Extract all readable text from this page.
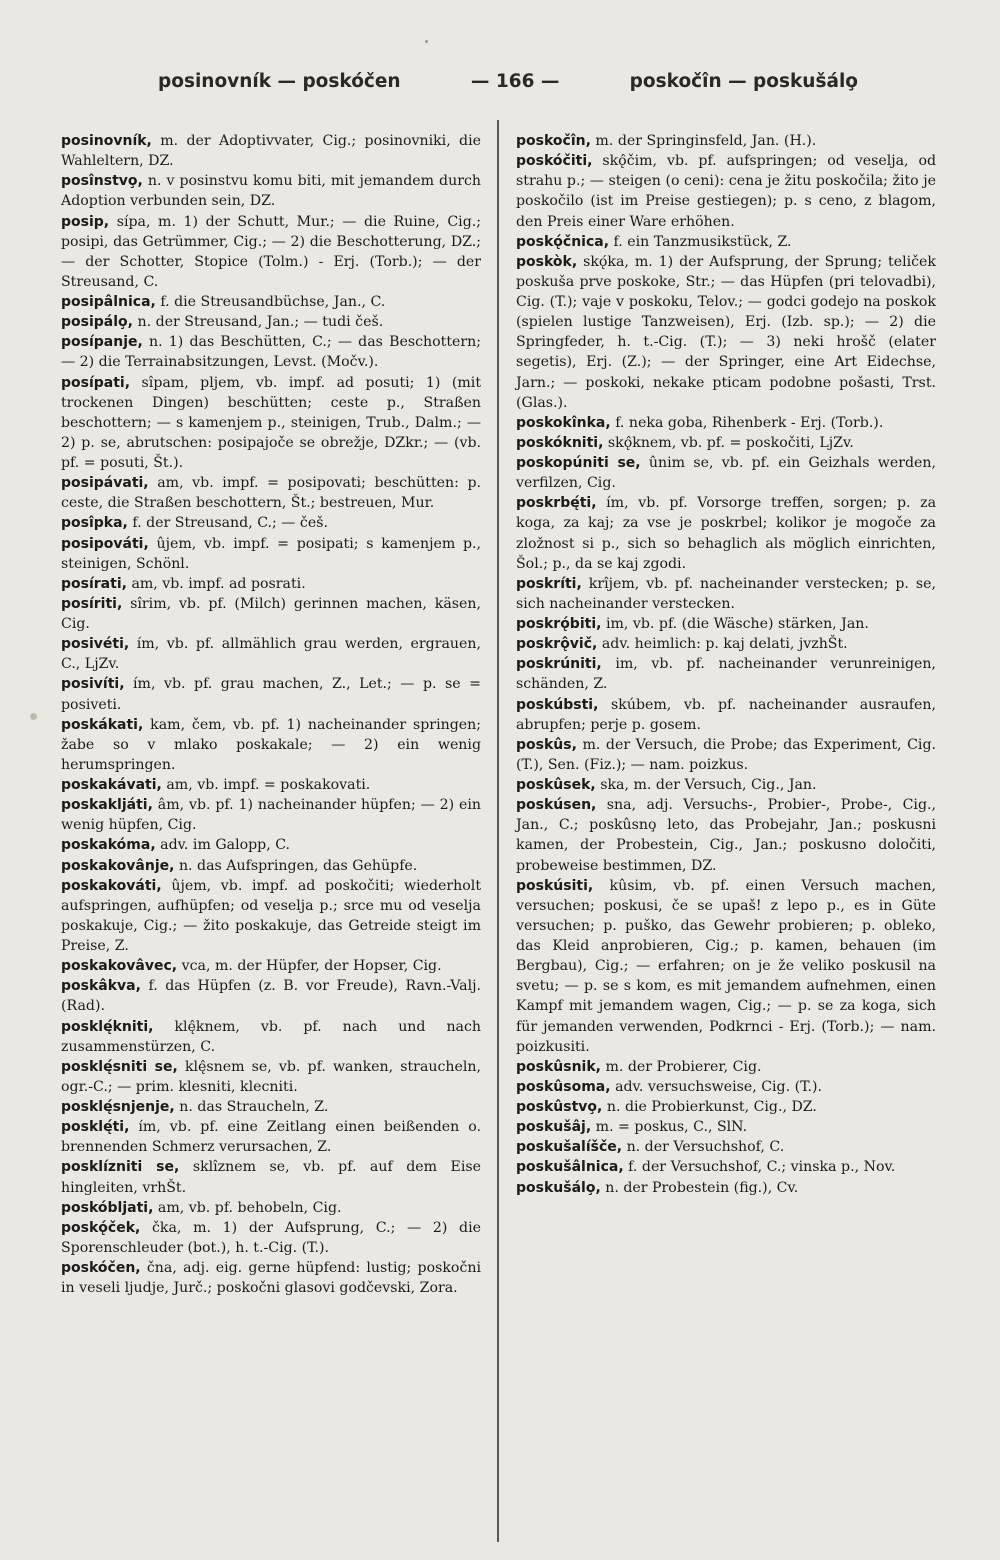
posinovník — poskóčen	— 166 —	poskočîn — poskušálo̧

posinovník, m. der Adoptivvater, Cig.; posinovniki, die Wahleltern, DZ.

posînstvo̧, n. v posinstvu komu biti, mit jemandem durch Adoption verbunden sein, DZ.

posip, sípa, m. 1) der Schutt, Mur.; — die Ruine, Cig.; posipi, das Getrümmer, Cig.; — 2) die Beschotterung, DZ.; — der Schotter, Stopice (Tolm.) - Erj. (Torb.); — der Streusand, C.

posipâlnica, f. die Streusandbüchse, Jan., C.

posipálo̧, n. der Streusand, Jan.; — tudi češ.

posípanje, n. 1) das Beschütten, C.; — das Beschottern; — 2) die Terrainabsitzungen, Levst. (Močv.).

posípati, sîpam, pljem, vb. impf. ad posuti; 1) (mit trockenen Dingen) beschütten; ceste p., Straßen beschottern; — s kamenjem p., steinigen, Trub., Dalm.; — 2) p. se, abrutschen: posipajoče se obrežje, DZkr.; — (vb. pf. = posuti, Št.).

posipávati, am, vb. impf. = posipovati; beschütten: p. ceste, die Straßen beschottern, Št.; bestreuen, Mur.

posîpka, f. der Streusand, C.; — češ.

posipováti, ûjem, vb. impf. = posipati; s kamenjem p., steinigen, Schönl.

posírati, am, vb. impf. ad posrati.

posíriti, sîrim, vb. pf. (Milch) gerinnen machen, käsen, Cig.

posivéti, ím, vb. pf. allmählich grau werden, ergrauen, C., LjZv.

posivíti, ím, vb. pf. grau machen, Z., Let.; — p. se = posiveti.

poskákati, kam, čem, vb. pf. 1) nacheinander springen; žabe so v mlako poskakale; — 2) ein wenig herumspringen.

poskakávati, am, vb. impf. = poskakovati.

poskakljáti, âm, vb. pf. 1) nacheinander hüpfen; — 2) ein wenig hüpfen, Cig.

poskakóma, adv. im Galopp, C.

poskakovânje, n. das Aufspringen, das Gehüpfe.

poskakováti, ûjem, vb. impf. ad poskočiti; wiederholt aufspringen, aufhüpfen; od veselja p.; srce mu od veselja poskakuje, Cig.; — žito poskakuje, das Getreide steigt im Preise, Z.

poskakovâvec, vca, m. der Hüpfer, der Hopser, Cig.

poskâkva, f. das Hüpfen (z. B. vor Freude), Ravn.-Valj. (Rad).

posklę́kniti, klę̂knem, vb. pf. nach und nach zusammenstürzen, C.

posklę́sniti se, klę̂snem se, vb. pf. wanken, straucheln, ogr.-C.; — prim. klesniti, klecniti.

posklę́snjenje, n. das Straucheln, Z.

posklę́ti, ím, vb. pf. eine Zeitlang einen beißenden o. brennenden Schmerz verursachen, Z.

posklízniti se, sklîznem se, vb. pf. auf dem Eise hingleiten, vrhŠt.

poskóbljati, am, vb. pf. behobeln, Cig.

poskǫ́ček, čka, m. 1) der Aufsprung, C.; — 2) die Sporenschleuder (bot.), h. t.-Cig. (T.).

poskóčen, čna, adj. eig. gerne hüpfend: lustig; poskočni in veseli ljudje, Jurč.; poskočni glasovi godčevski, Zora.

poskočîn, m. der Springinsfeld, Jan. (H.).

poskóčiti, skǫ̂čim, vb. pf. aufspringen; od veselja, od strahu p.; — steigen (o ceni): cena je žitu poskočila; žito je poskočilo (ist im Preise gestiegen); p. s ceno, z blagom, den Preis einer Ware erhöhen.

poskǫ́čnica, f. ein Tanzmusikstück, Z.

poskòk, skǫ́ka, m. 1) der Aufsprung, der Sprung; teliček poskuša prve poskoke, Str.; — das Hüpfen (pri telovadbi), Cig. (T.); vaje v poskoku, Telov.; — godci godejo na poskok (spielen lustige Tanzweisen), Erj. (Izb. sp.); — 2) die Springfeder, h. t.-Cig. (T.); — 3) neki hrošč (elater segetis), Erj. (Z.); — der Springer, eine Art Eidechse, Jarn.; — poskoki, nekake pticam podobne pošasti, Trst. (Glas.).

poskokînka, f. neka goba, Rihenberk - Erj. (Torb.).

poskókniti, skǫ̂knem, vb. pf. = poskočiti, LjZv.

poskopúniti se, ûnim se, vb. pf. ein Geizhals werden, verfilzen, Cig.

poskrbę́ti, ím, vb. pf. Vorsorge treffen, sorgen; p. za koga, za kaj; za vse je poskrbel; kolikor je mogoče za zložnost si p., sich so behaglich als möglich einrichten, Šol.; p., da se kaj zgodi.

poskríti, krîjem, vb. pf. nacheinander verstecken; p. se, sich nacheinander verstecken.

poskrǫ́biti, im, vb. pf. (die Wäsche) stärken, Jan.

poskrǫ̂vič, adv. heimlich: p. kaj delati, jvzhŠt.

poskrúniti, im, vb. pf. nacheinander verunreinigen, schänden, Z.

poskúbsti, skúbem, vb. pf. nacheinander ausraufen, abrupfen; perje p. gosem.

poskûs, m. der Versuch, die Probe; das Experiment, Cig. (T.), Sen. (Fiz.); — nam. poizkus.

poskûsek, ska, m. der Versuch, Cig., Jan.

poskúsen, sna, adj. Versuchs-, Probier-, Probe-, Cig., Jan., C.; poskûsno̧ leto, das Probejahr, Jan.; poskusni kamen, der Probestein, Cig., Jan.; poskusno določiti, probeweise bestimmen, DZ.

poskúsiti, kûsim, vb. pf. einen Versuch machen, versuchen; poskusi, če se upaš! z lepo p., es in Güte versuchen; p. puško, das Gewehr probieren; p. obleko, das Kleid anprobieren, Cig.; p. kamen, behauen (im Bergbau), Cig.; — erfahren; on je že veliko poskusil na svetu; — p. se s kom, es mit jemandem aufnehmen, einen Kampf mit jemandem wagen, Cig.; — p. se za koga, sich für jemanden verwenden, Podkrnci - Erj. (Torb.); — nam. poizkusiti.

poskûsnik, m. der Probierer, Cig.

poskûsoma, adv. versuchsweise, Cig. (T.).

poskûstvo̧, n. die Probierkunst, Cig., DZ.

poskušâj, m. = poskus, C., SlN.

poskušalíšče, n. der Versuchshof, C.

poskušâlnica, f. der Versuchshof, C.; vinska p., Nov.

poskušálo̧, n. der Probestein (fig.), Cv.
